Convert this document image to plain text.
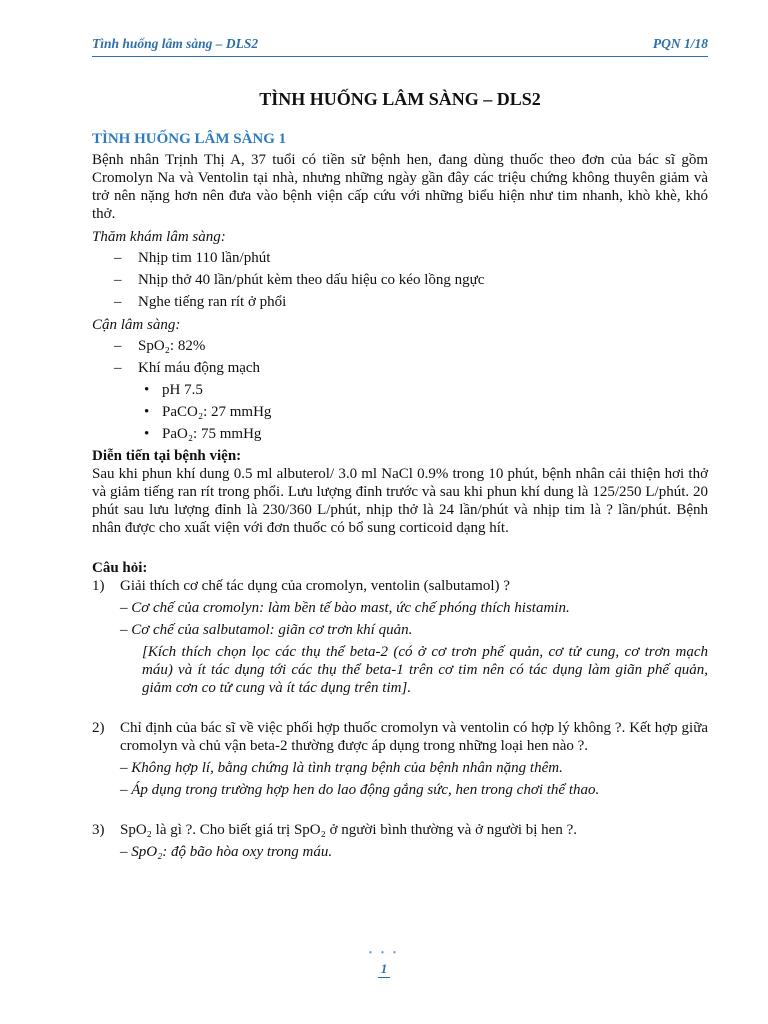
Tình huống lâm sàng – DLS2	PQN 1/18
TÌNH HUỐNG LÂM SÀNG – DLS2
TÌNH HUỐNG LÂM SÀNG 1

Bệnh nhân Trịnh Thị A, 37 tuổi có tiền sử bệnh hen, đang dùng thuốc theo đơn của bác sĩ gồm Cromolyn Na và Ventolin tại nhà, nhưng những ngày gần đây các triệu chứng không thuyên giảm và trở nên nặng hơn nên đưa vào bệnh viện cấp cứu với những biểu hiện như tim nhanh, khò khè, khó thở.

Thăm khám lâm sàng:
– Nhịp tim 110 lần/phút
– Nhịp thở 40 lần/phút kèm theo dấu hiệu co kéo lồng ngực
– Nghe tiếng ran rít ở phổi
Cận lâm sàng:
– SpO₂: 82%
– Khí máu động mạch
• pH 7.5
• PaCO₂: 27 mmHg
• PaO₂: 75 mmHg
Diễn tiến tại bệnh viện:

Sau khi phun khí dung 0.5 ml albuterol/ 3.0 ml NaCl 0.9% trong 10 phút, bệnh nhân cải thiện hơi thở và giảm tiếng ran rít trong phổi. Lưu lượng đỉnh trước và sau khi phun khí dung là 125/250 L/phút. 20 phút sau lưu lượng đỉnh là 230/360 L/phút, nhịp thở là 24 lần/phút và nhịp tim là ? lần/phút. Bệnh nhân được cho xuất viện với đơn thuốc có bổ sung corticoid dạng hít.

Câu hỏi:
1) Giải thích cơ chế tác dụng của cromolyn, ventolin (salbutamol) ?
– Cơ chế của cromolyn: làm bền tế bào mast, ức chế phóng thích histamin.
– Cơ chế của salbutamol: giãn cơ trơn khí quản.
[Kích thích chọn lọc các thụ thể beta-2 (có ở cơ trơn phế quản, cơ tử cung, cơ trơn mạch máu) và ít tác dụng tới các thụ thể beta-1 trên cơ tim nên có tác dụng làm giãn phế quản, giảm cơn co tử cung và ít tác dụng trên tim].
2) Chỉ định của bác sĩ về việc phối hợp thuốc cromolyn và ventolin có hợp lý không ?. Kết hợp giữa cromolyn và chủ vận beta-2 thường được áp dụng trong những loại hen nào ?.

– Không hợp lí, bằng chứng là tình trạng bệnh của bệnh nhân nặng thêm.
– Áp dụng trong trường hợp hen do lao động gắng sức, hen trong chơi thể thao.
3) SpO₂ là gì ?. Cho biết giá trị SpO₂ ở người bình thường và ở người bị hen ?.
– SpO₂: độ bão hòa oxy trong máu.
• • •
1
